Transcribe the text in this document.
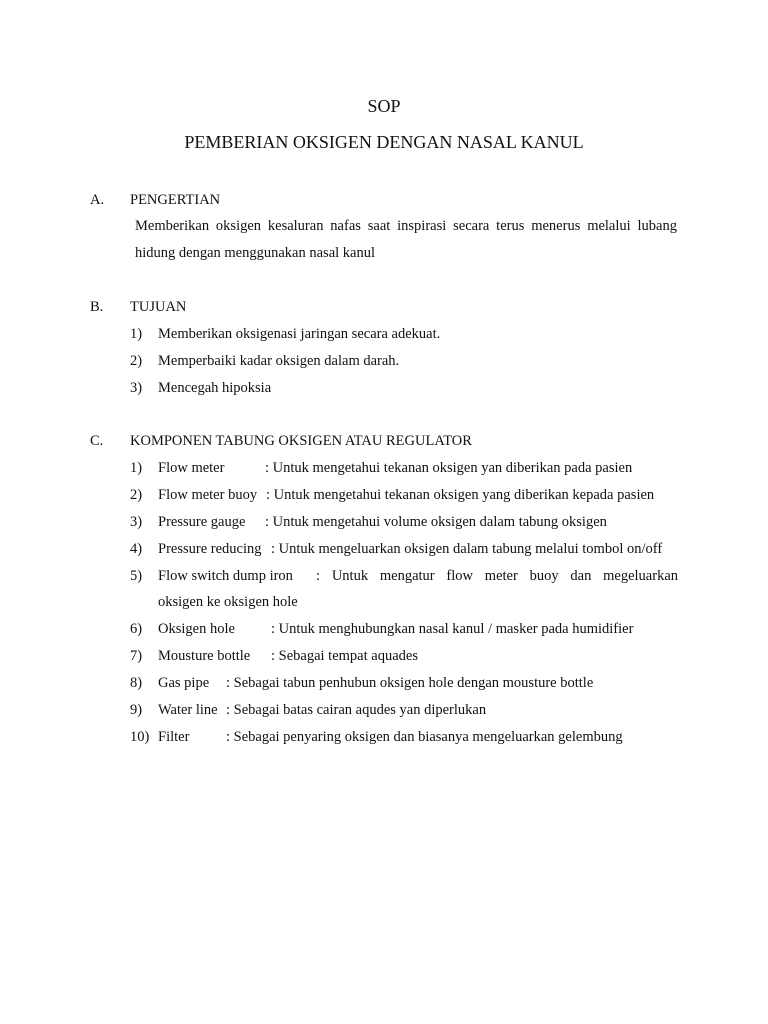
SOP
PEMBERIAN OKSIGEN DENGAN NASAL KANUL
A. PENGERTIAN
Memberikan oksigen kesaluran nafas saat inspirasi secara terus menerus melalui lubang hidung dengan menggunakan nasal kanul
B. TUJUAN
1) Memberikan oksigenasi jaringan secara adekuat.
2) Memperbaiki kadar oksigen dalam darah.
3) Mencegah hipoksia
C. KOMPONEN TABUNG OKSIGEN ATAU REGULATOR
1) Flow meter	: Untuk mengetahui tekanan oksigen yan diberikan pada pasien
2) Flow meter buoy : Untuk mengetahui tekanan oksigen yang diberikan kepada pasien
3) Pressure gauge : Untuk mengetahui volume oksigen dalam tabung oksigen
4) Pressure reducing : Untuk mengeluarkan oksigen dalam tabung melalui tombol on/off
5) Flow switch dump iron : Untuk mengatur flow meter buoy dan megeluarkan
oksigen ke oksigen hole
6) Oksigen hole : Untuk menghubungkan nasal kanul / masker pada humidifier
7) Mousture bottle : Sebagai tempat aquades
8) Gas pipe : Sebagai tabun penhubun oksigen hole dengan mousture bottle
9) Water line : Sebagai batas cairan aqudes yan diperlukan
10) Filter	: Sebagai penyaring oksigen dan biasanya mengeluarkan gelembung
